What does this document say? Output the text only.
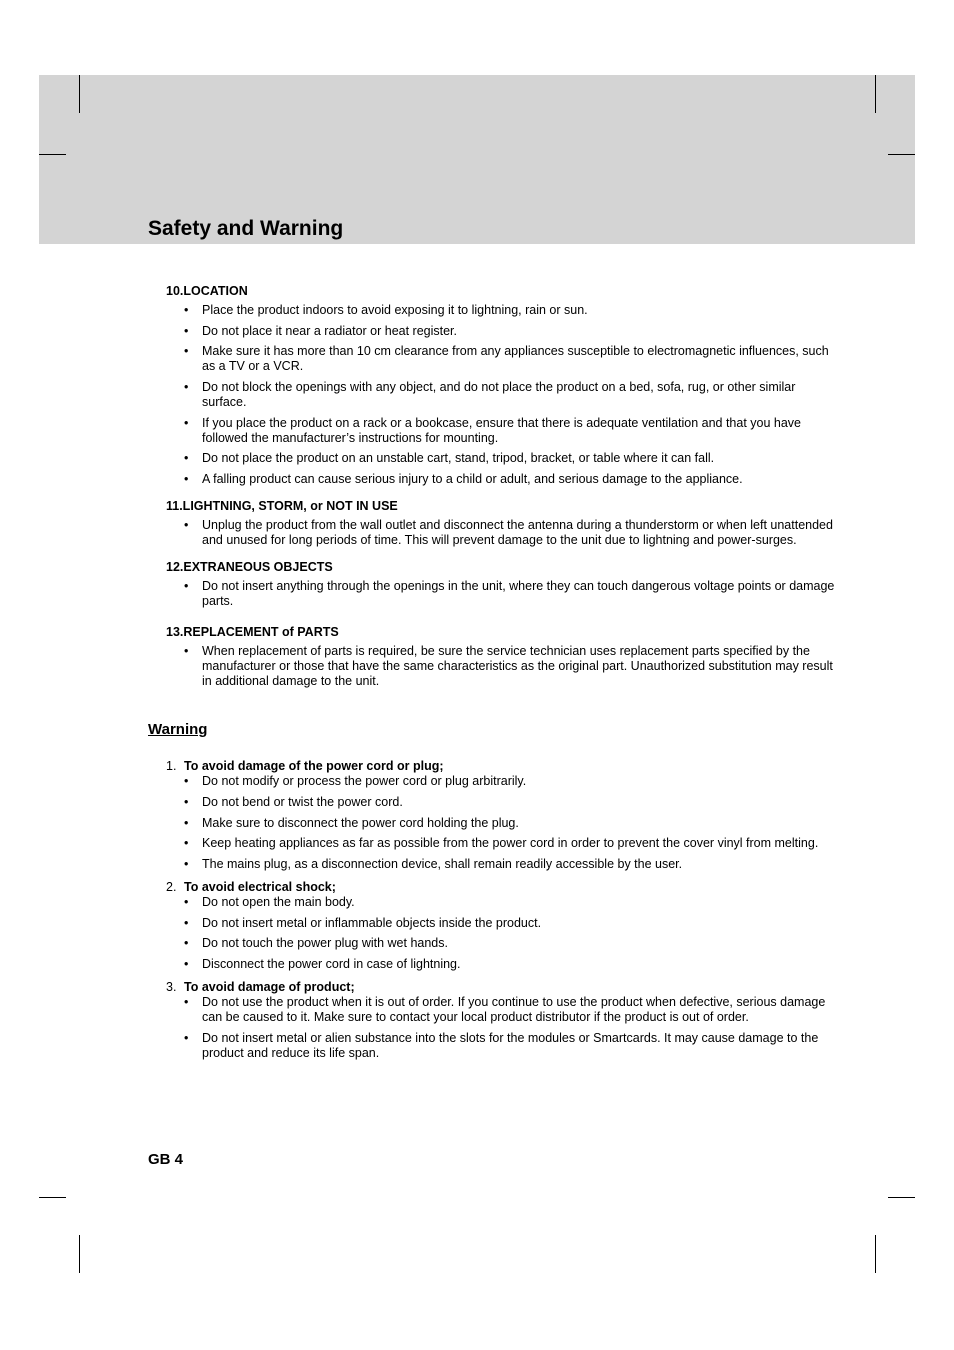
Safety and Warning
10.LOCATION
• Place the product indoors to avoid exposing it to lightning, rain or sun.
• Do not place it near a radiator or heat register.
• Make sure it has more than 10 cm clearance from any appliances susceptible to electromagnetic influences, such as a TV or a VCR.
• Do not block the openings with any object, and do not place the product on a bed, sofa, rug, or other similar surface.
• If you place the product on a rack or a bookcase, ensure that there is adequate ventilation and that you have followed the manufacturer’s instructions for mounting.
• Do not place the product on an unstable cart, stand, tripod, bracket, or table where it can fall.
• A falling product can cause serious injury to a child or adult, and serious damage to the appliance.
11.LIGHTNING, STORM, or NOT IN USE
• Unplug the product from the wall outlet and disconnect the antenna during a thunderstorm or when left unattended and unused for long periods of time. This will prevent damage to the unit due to lightning and power-surges.
12.EXTRANEOUS OBJECTS
• Do not insert anything through the openings in the unit, where they can touch dangerous voltage points or damage parts.
13.REPLACEMENT of PARTS
• When replacement of parts is required, be sure the service technician uses replacement parts specified by the manufacturer or those that have the same characteristics as the original part. Unauthorized substitution may result in additional damage to the unit.
Warning
1. To avoid damage of the power cord or plug;
• Do not modify or process the power cord or plug arbitrarily.
• Do not bend or twist the power cord.
• Make sure to disconnect the power cord holding the plug.
• Keep heating appliances as far as possible from the power cord in order to prevent the cover vinyl from melting.
• The mains plug, as a disconnection device, shall remain readily accessible by the user.
2. To avoid electrical shock;
• Do not open the main body.
• Do not insert metal or inflammable objects inside the product.
• Do not touch the power plug with wet hands.
• Disconnect the power cord in case of lightning.
3. To avoid damage of product;
• Do not use the product when it is out of order. If you continue to use the product when defective, serious damage can be caused to it. Make sure to contact your local product distributor if the product is out of order.
• Do not insert metal or alien substance into the slots for the modules or Smartcards. It may cause damage to the product and reduce its life span.
GB 4
